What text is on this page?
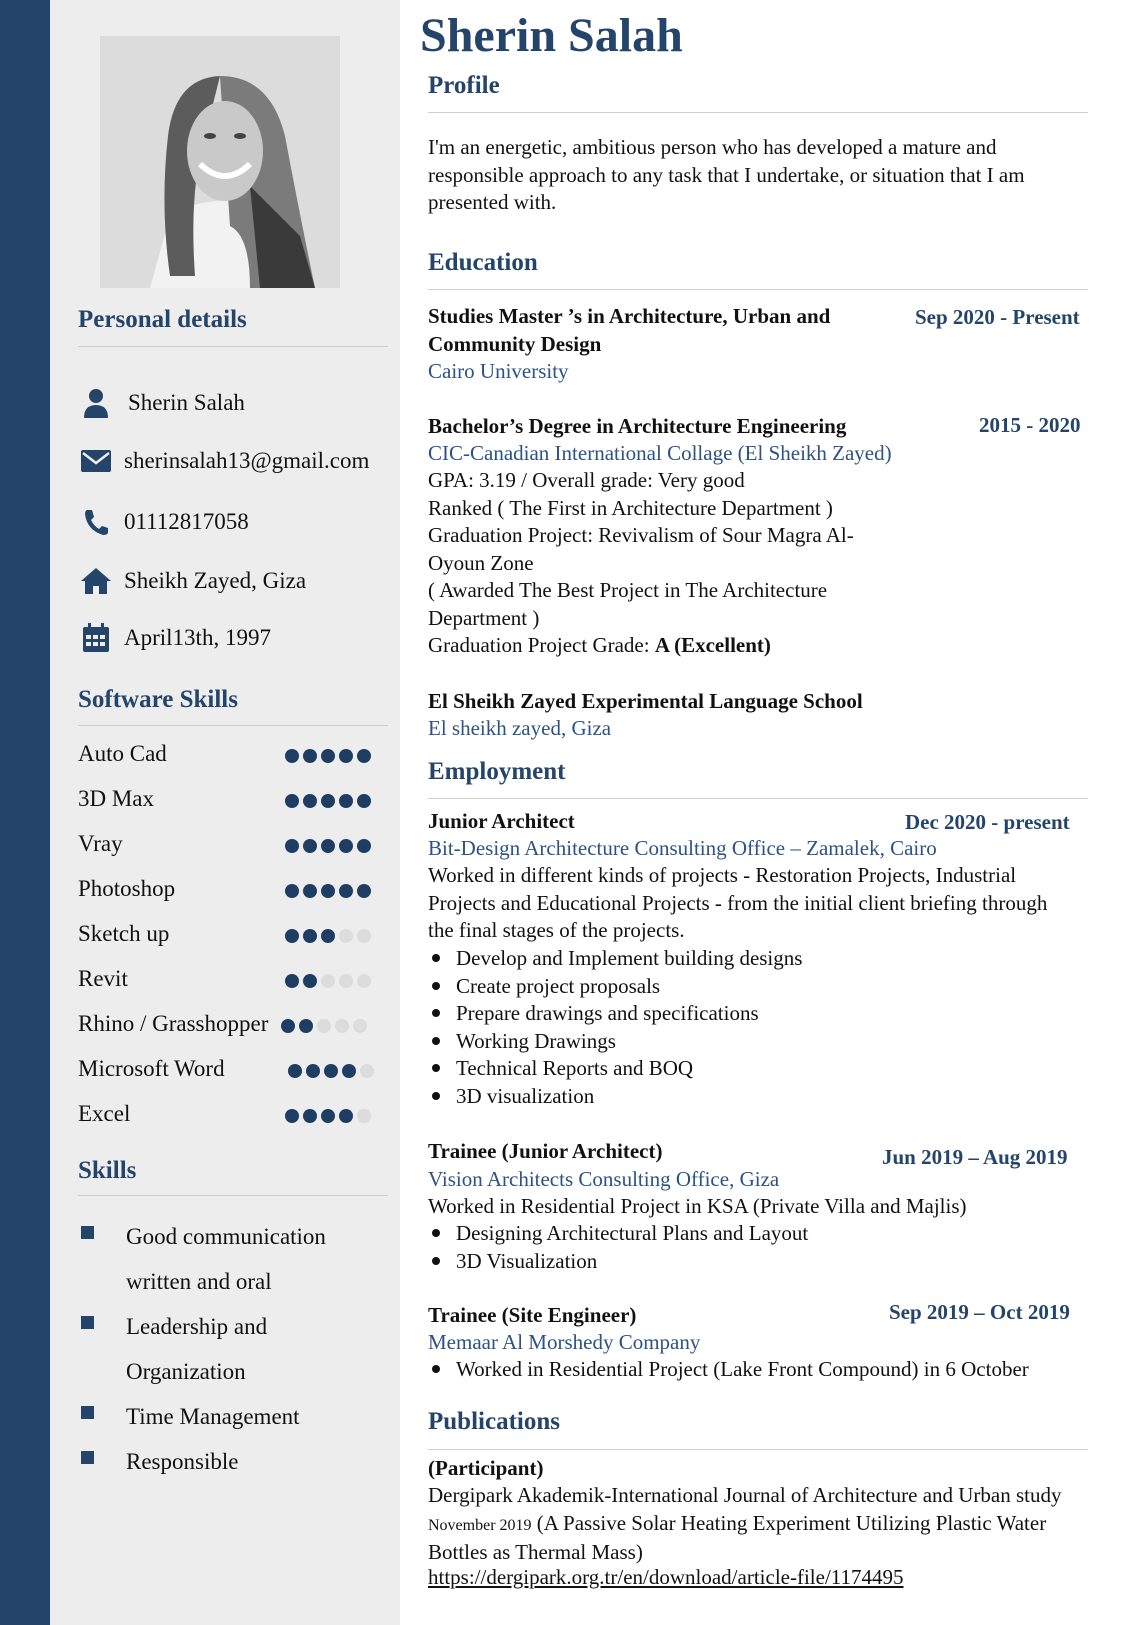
Personal details
Sherin Salah
sherinsalah13@gmail.com
01112817058
Sheikh Zayed, Giza
April13th, 1997
Software Skills
Auto Cad
3D Max
Vray
Photoshop
Sketch up
Revit
Rhino / Grasshopper
Microsoft Word
Excel
Skills
Good communication written and oral
Leadership and Organization
Time Management
Responsible
Sherin Salah
Profile
I'm an energetic, ambitious person who has developed a mature and responsible approach to any task that I undertake, or situation that I am presented with.
Education
Studies Master ’s in Architecture, Urban and Community Design
Sep 2020 - Present
Cairo University
Bachelor’s Degree in Architecture Engineering	2015 - 2020
CIC-Canadian International Collage (El Sheikh Zayed)
GPA: 3.19 / Overall grade: Very good
Ranked ( The First in Architecture Department )
Graduation Project: Revivalism of Sour Magra Al-Oyoun Zone
( Awarded The Best Project in The Architecture Department )
Graduation Project Grade: A (Excellent)
El Sheikh Zayed Experimental Language School
El sheikh zayed, Giza
Employment
Junior Architect	Dec 2020 - present
Bit-Design Architecture Consulting Office – Zamalek, Cairo
Worked in different kinds of projects - Restoration Projects, Industrial Projects and Educational Projects - from the initial client briefing through the final stages of the projects.
Develop and Implement building designs
Create project proposals
Prepare drawings and specifications
Working Drawings
Technical Reports and BOQ
3D visualization
Trainee (Junior Architect)	Jun 2019 – Aug 2019
Vision Architects Consulting Office, Giza
Worked in Residential Project in KSA (Private Villa and Majlis)
Designing Architectural Plans and Layout
3D Visualization
Trainee (Site Engineer)	Sep 2019 – Oct 2019
Memaar Al Morshedy Company
Worked in Residential Project (Lake Front Compound) in 6 October
Publications
(Participant)
Dergipark Akademik-International Journal of Architecture and Urban study November 2019 (A Passive Solar Heating Experiment Utilizing Plastic Water Bottles as Thermal Mass)
https://dergipark.org.tr/en/download/article-file/1174495
